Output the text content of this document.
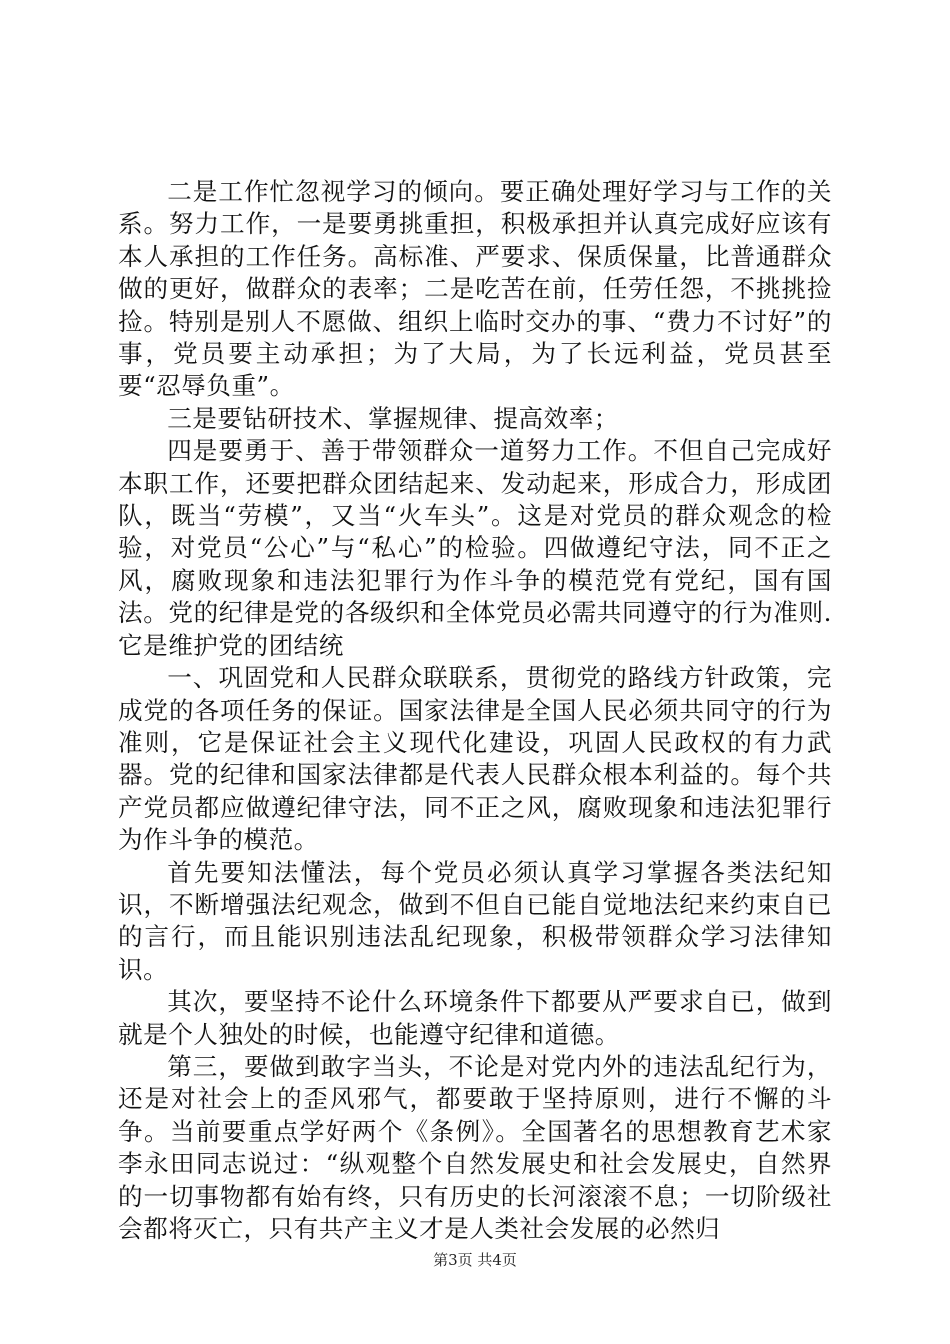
二是工作忙忽视学习的倾向。要正确处理好学习与工作的关系。努力工作，一是要勇挑重担，积极承担并认真完成好应该有本人承担的工作任务。高标准、严要求、保质保量，比普通群众做的更好，做群众的表率；二是吃苦在前，任劳任怨，不挑挑捡捡。特别是别人不愿做、组织上临时交办的事、“费力不讨好”的事，党员要主动承担；为了大局，为了长远利益，党员甚至要“忍辱负重”。

三是要钻研技术、掌握规律、提高效率；

四是要勇于、善于带领群众一道努力工作。不但自己完成好本职工作，还要把群众团结起来、发动起来，形成合力，形成团队，既当“劳模”，又当“火车头”。这是对党员的群众观念的检验，对党员“公心”与“私心”的检验。四做遵纪守法，同不正之风，腐败现象和违法犯罪行为作斗争的模范党有党纪，国有国法。党的纪律是党的各级织和全体党员必需共同遵守的行为准则.它是维护党的团结统

一、巩固党和人民群众联联系，贯彻党的路线方针政策，完成党的各项任务的保证。国家法律是全国人民必须共同守的行为准则，它是保证社会主义现代化建设，巩固人民政权的有力武器。党的纪律和国家法律都是代表人民群众根本利益的。每个共产党员都应做遵纪律守法，同不正之风，腐败现象和违法犯罪行为作斗争的模范。

首先要知法懂法，每个党员必须认真学习掌握各类法纪知识，不断增强法纪观念，做到不但自已能自觉地法纪来约束自已的言行，而且能识别违法乱纪现象，积极带领群众学习法律知识。

其次，要坚持不论什么环境条件下都要从严要求自已，做到就是个人独处的时候，也能遵守纪律和道德。

第三，要做到敢字当头，不论是对党内外的违法乱纪行为，还是对社会上的歪风邪气，都要敢于坚持原则，进行不懈的斗争。当前要重点学好两个《条例》。全国著名的思想教育艺术家李永田同志说过：“纵观整个自然发展史和社会发展史，自然界的一切事物都有始有终，只有历史的长河滚滚不息；一切阶级社会都将灭亡，只有共产主义才是人类社会发展的必然归

第3页 共4页
